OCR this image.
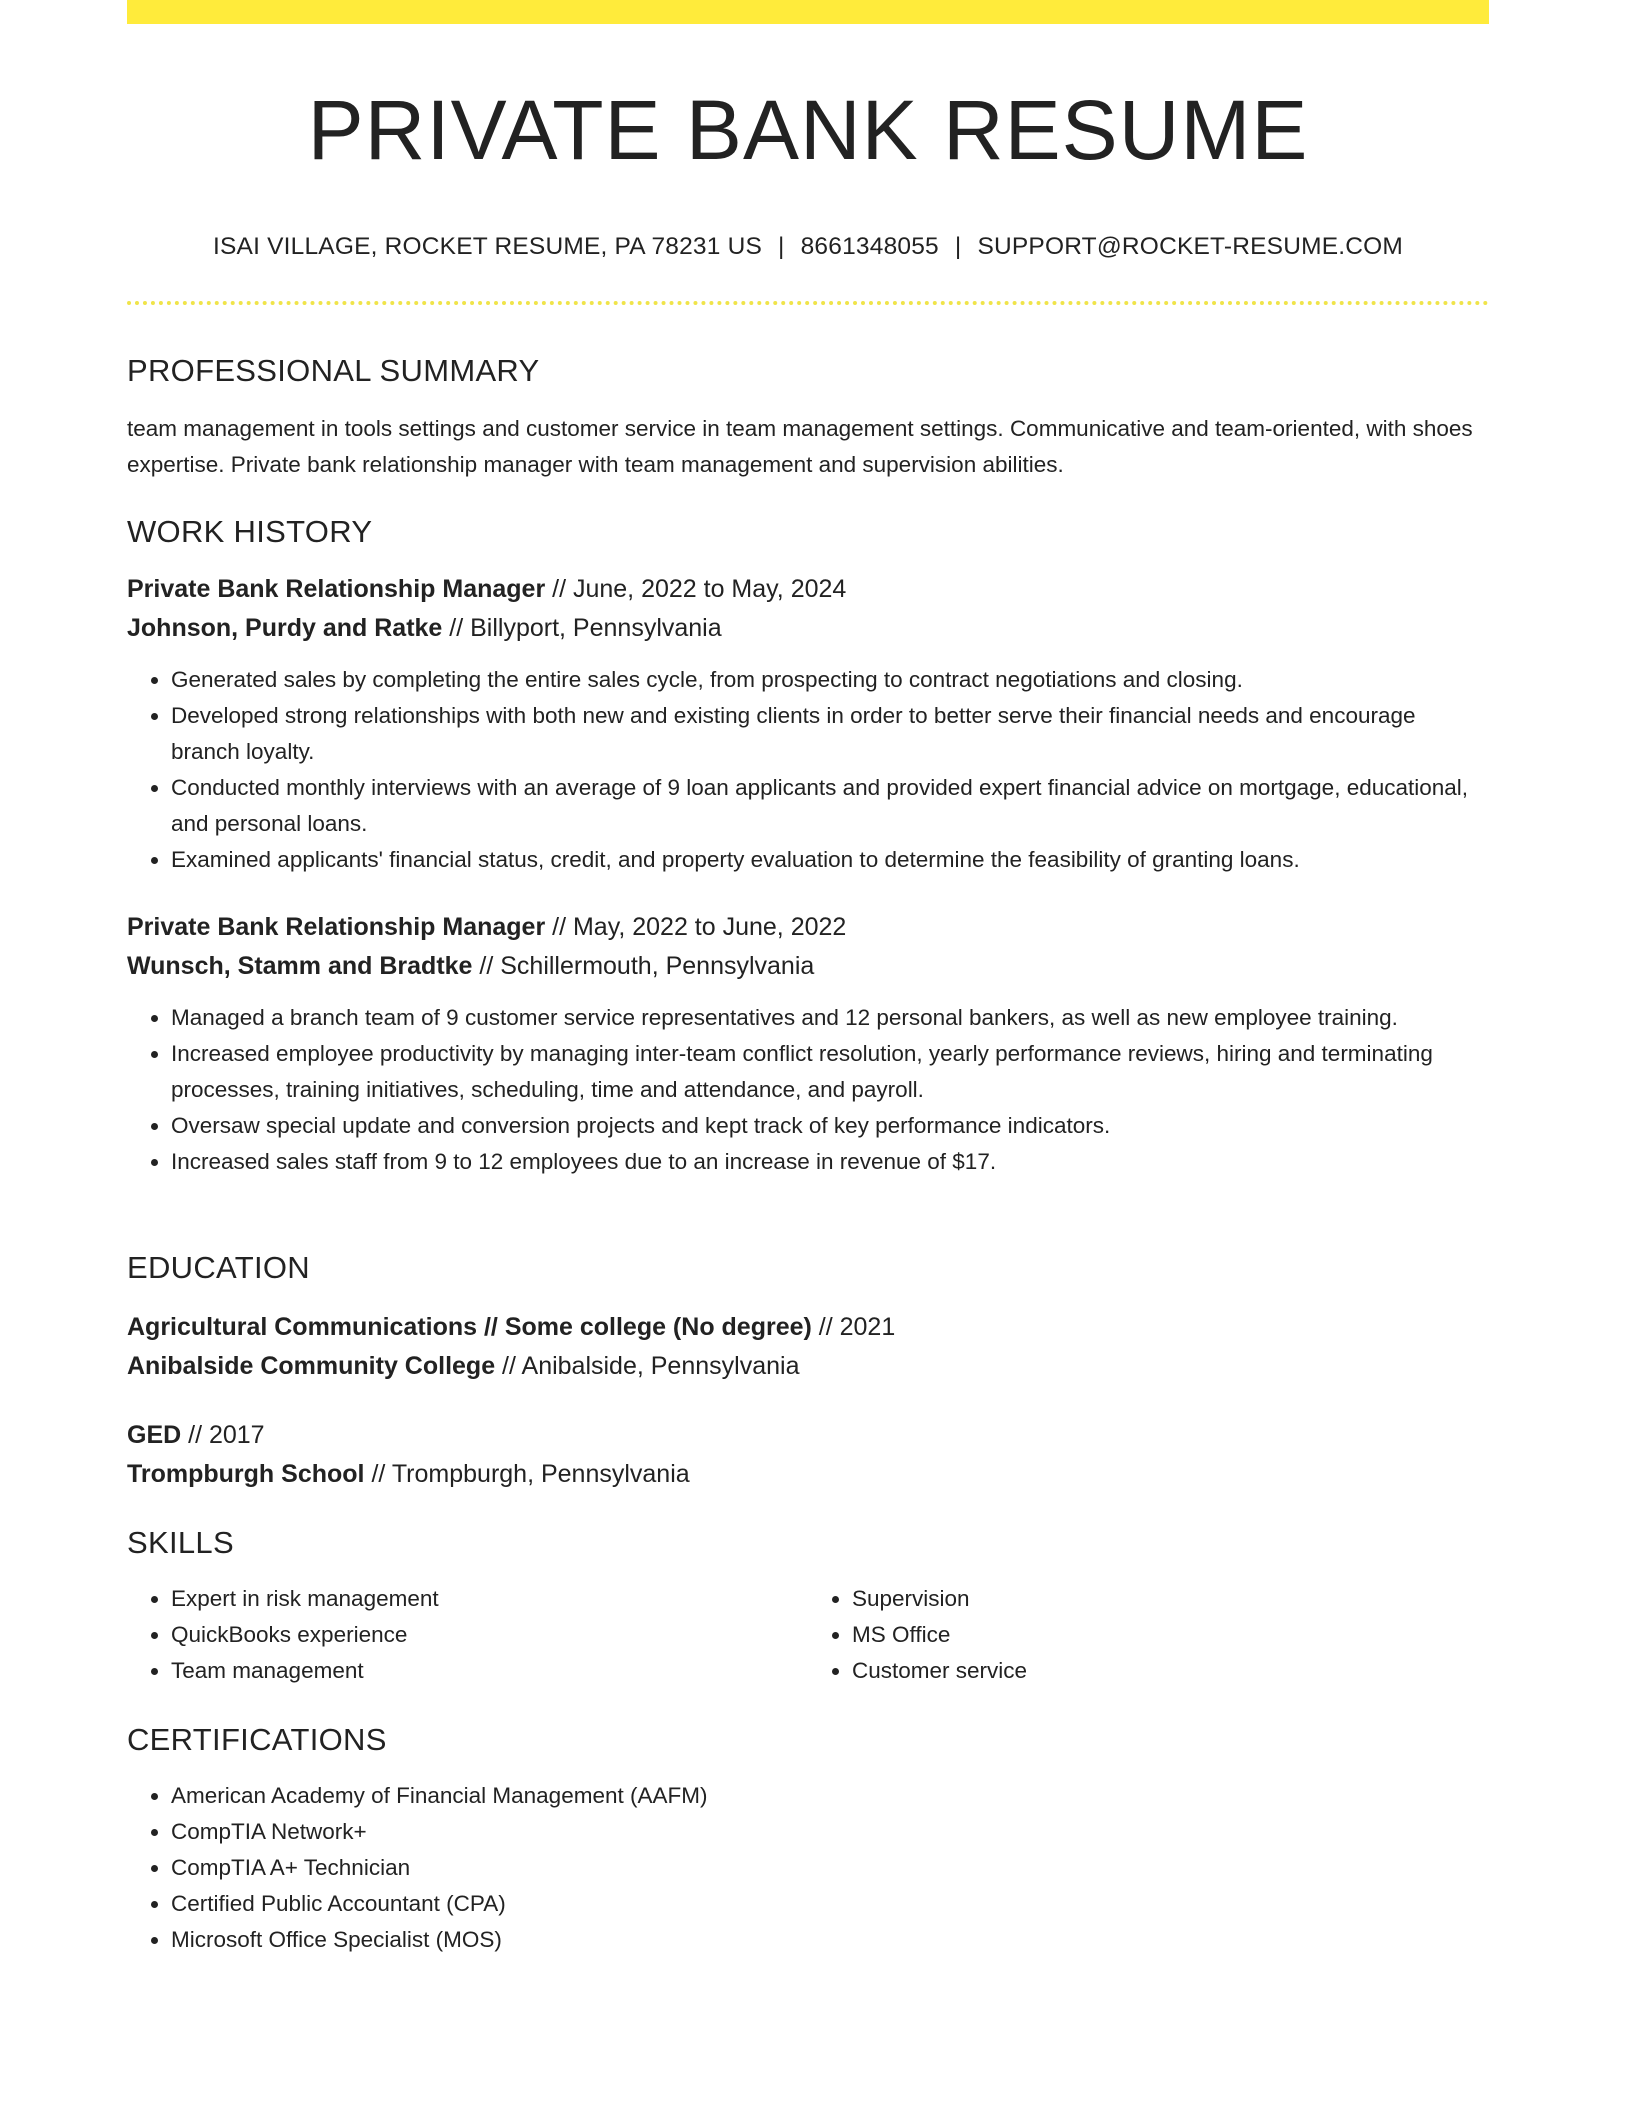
PRIVATE BANK RESUME
ISAI VILLAGE, ROCKET RESUME, PA 78231 US | 8661348055 | SUPPORT@ROCKET-RESUME.COM
PROFESSIONAL SUMMARY

team management in tools settings and customer service in team management settings. Communicative and team-oriented, with shoes expertise. Private bank relationship manager with team management and supervision abilities.

WORK HISTORY

Private Bank Relationship Manager // June, 2022 to May, 2024

Johnson, Purdy and Ratke // Billyport, Pennsylvania

• Generated sales by completing the entire sales cycle, from prospecting to contract negotiations and closing.
• Developed strong relationships with both new and existing clients in order to better serve their financial needs and encourage branch loyalty.
• Conducted monthly interviews with an average of 9 loan applicants and provided expert financial advice on mortgage, educational, and personal loans.
• Examined applicants' financial status, credit, and property evaluation to determine the feasibility of granting loans.

Private Bank Relationship Manager // May, 2022 to June, 2022

Wunsch, Stamm and Bradtke // Schillermouth, Pennsylvania

• Managed a branch team of 9 customer service representatives and 12 personal bankers, as well as new employee training.
• Increased employee productivity by managing inter-team conflict resolution, yearly performance reviews, hiring and terminating processes, training initiatives, scheduling, time and attendance, and payroll.
• Oversaw special update and conversion projects and kept track of key performance indicators.
• Increased sales staff from 9 to 12 employees due to an increase in revenue of $17.
EDUCATION

Agricultural Communications // Some college (No degree) // 2021

Anibalside Community College // Anibalside, Pennsylvania

GED // 2017

Trompburgh School // Trompburgh, Pennsylvania

SKILLS
• Expert in risk management
• QuickBooks experience
• Team management
• Supervision
• MS Office
• Customer service
CERTIFICATIONS
• American Academy of Financial Management (AAFM)
• CompTIA Network+
• CompTIA A+ Technician
• Certified Public Accountant (CPA)
• Microsoft Office Specialist (MOS)
